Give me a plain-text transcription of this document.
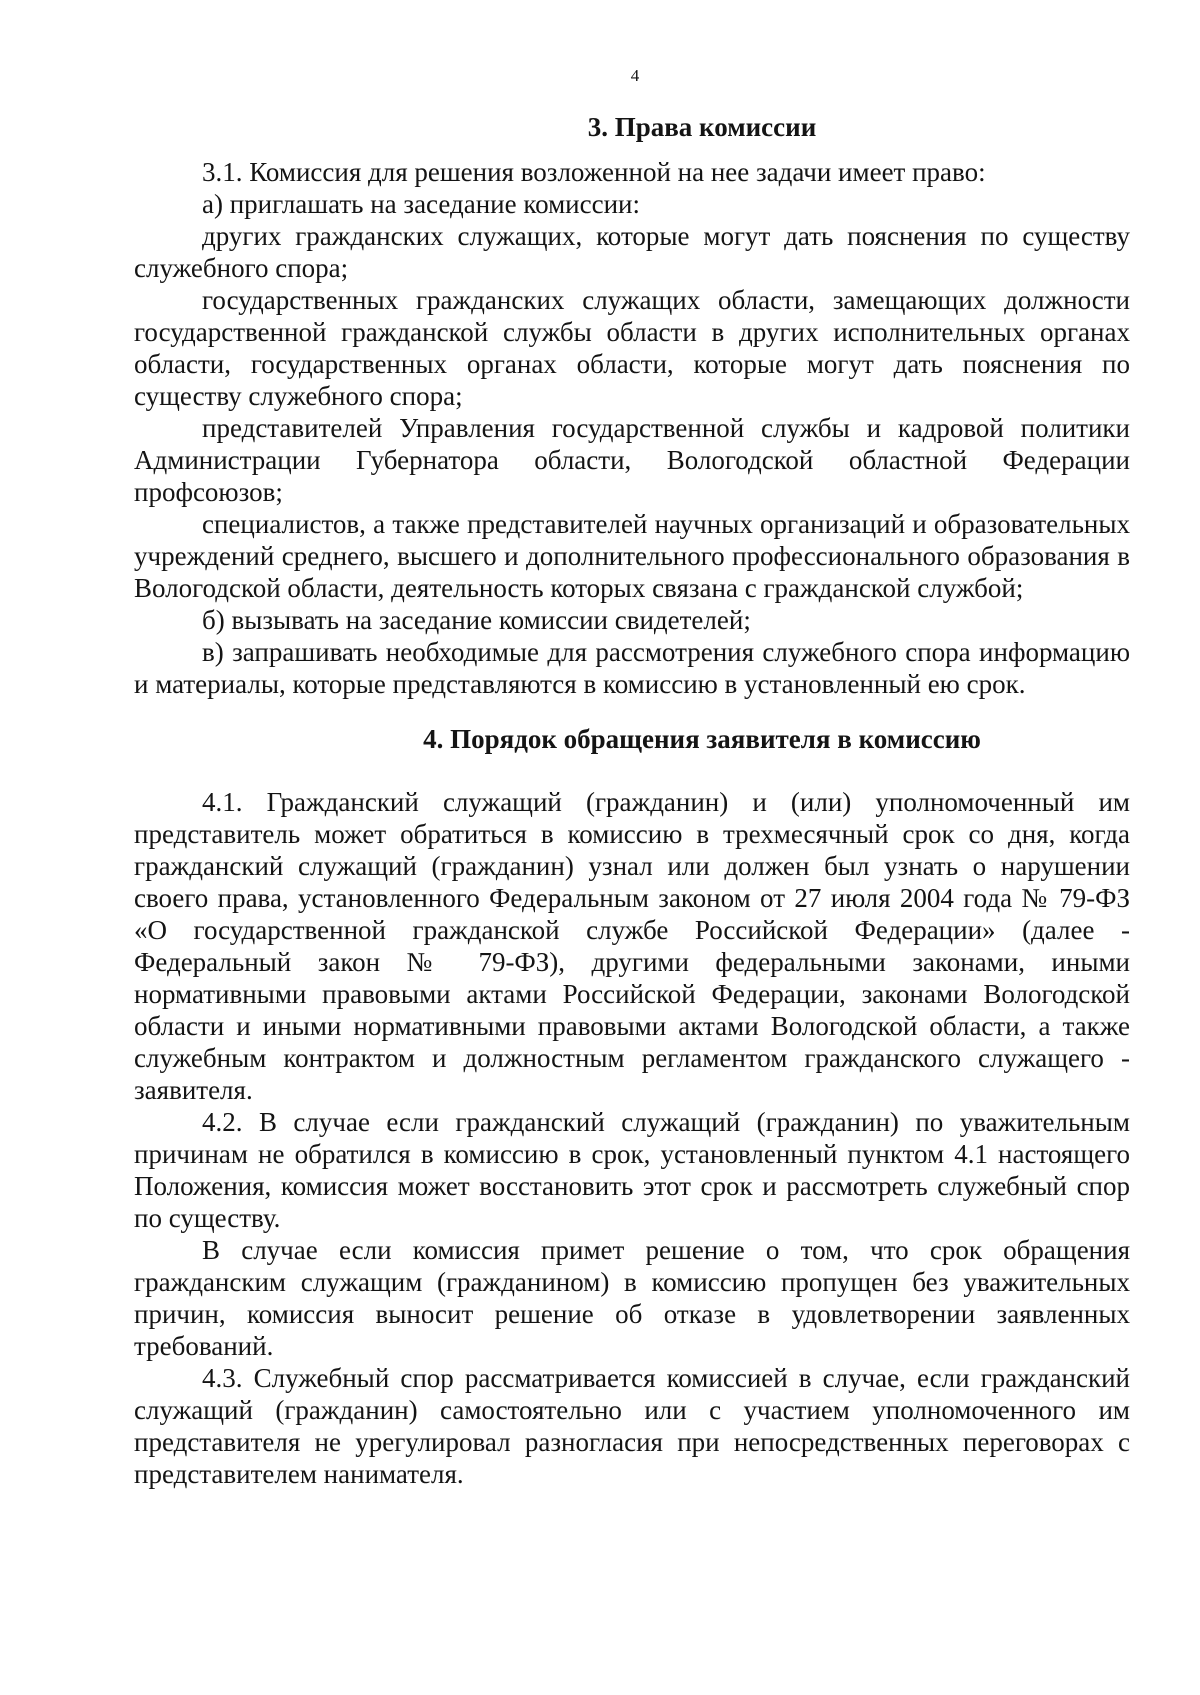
4
3. Права комиссии

3.1. Комиссия для решения возложенной на нее задачи имеет право:

а) приглашать на заседание комиссии:

других гражданских служащих, которые могут дать пояснения по существу служебного спора;

государственных гражданских служащих области, замещающих должности государственной гражданской службы области в других исполнительных органах области, государственных органах области, которые могут дать пояснения по существу служебного спора;

представителей Управления государственной службы и кадровой политики Администрации Губернатора области, Вологодской областной Федерации профсоюзов;

специалистов, а также представителей научных организаций и образовательных учреждений среднего, высшего и дополнительного профессионального образования в Вологодской области, деятельность которых связана с гражданской службой;

б) вызывать на заседание комиссии свидетелей;

в) запрашивать необходимые для рассмотрения служебного спора информацию и материалы, которые представляются в комиссию в установленный ею срок.

4. Порядок обращения заявителя в комиссию

4.1. Гражданский служащий (гражданин) и (или) уполномоченный им представитель может обратиться в комиссию в трехмесячный срок со дня, когда гражданский служащий (гражданин) узнал или должен был узнать о нарушении своего права, установленного Федеральным законом от 27 июля 2004 года № 79-ФЗ «О государственной гражданской службе Российской Федерации» (далее - Федеральный закон № 79-ФЗ), другими федеральными законами, иными нормативными правовыми актами Российской Федерации, законами Вологодской области и иными нормативными правовыми актами Вологодской области, а также служебным контрактом и должностным регламентом гражданского служащего - заявителя.

4.2. В случае если гражданский служащий (гражданин) по уважительным причинам не обратился в комиссию в срок, установленный пунктом 4.1 настоящего Положения, комиссия может восстановить этот срок и рассмотреть служебный спор по существу.

В случае если комиссия примет решение о том, что срок обращения гражданским служащим (гражданином) в комиссию пропущен без уважительных причин, комиссия выносит решение об отказе в удовлетворении заявленных требований.

4.3. Служебный спор рассматривается комиссией в случае, если гражданский служащий (гражданин) самостоятельно или с участием уполномоченного им представителя не урегулировал разногласия при непосредственных переговорах с представителем нанимателя.
